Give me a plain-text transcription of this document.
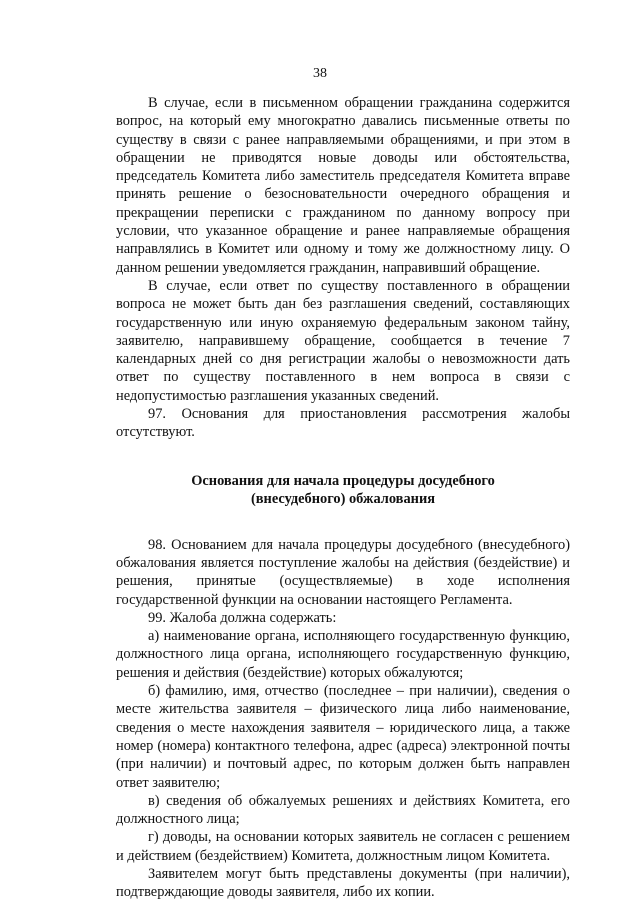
38

В случае, если в письменном обращении гражданина содержится вопрос, на который ему многократно давались письменные ответы по существу в связи с ранее направляемыми обращениями, и при этом в обращении не приводятся новые доводы или обстоятельства, председатель Комитета либо заместитель председателя Комитета вправе принять решение о безосновательности очередного обращения и прекращении переписки с гражданином по данному вопросу при условии, что указанное обращение и ранее направляемые обращения направлялись в Комитет или одному и тому же должностному лицу. О данном решении уведомляется гражданин, направивший обращение.

В случае, если ответ по существу поставленного в обращении вопроса не может быть дан без разглашения сведений, составляющих государственную или иную охраняемую федеральным законом тайну, заявителю, направившему обращение, сообщается в течение 7 календарных дней со дня регистрации жалобы о невозможности дать ответ по существу поставленного в нем вопроса в связи с недопустимостью разглашения указанных сведений.

97. Основания для приостановления рассмотрения жалобы отсутствуют.

Основания для начала процедуры досудебного
(внесудебного) обжалования

98. Основанием для начала процедуры досудебного (внесудебного) обжалования является поступление жалобы на действия (бездействие) и решения, принятые (осуществляемые) в ходе исполнения государственной функции на основании настоящего Регламента.

99. Жалоба должна содержать:

а) наименование органа, исполняющего государственную функцию, должностного лица органа, исполняющего государственную функцию, решения и действия (бездействие) которых обжалуются;

б) фамилию, имя, отчество (последнее – при наличии), сведения о месте жительства заявителя – физического лица либо наименование, сведения о месте нахождения заявителя – юридического лица, а также номер (номера) контактного телефона, адрес (адреса) электронной почты (при наличии) и почтовый адрес, по которым должен быть направлен ответ заявителю;

в) сведения об обжалуемых решениях и действиях Комитета, его должностного лица;

г) доводы, на основании которых заявитель не согласен с решением и действием (бездействием) Комитета, должностным лицом Комитета.

Заявителем могут быть представлены документы (при наличии), подтверждающие доводы заявителя, либо их копии.
